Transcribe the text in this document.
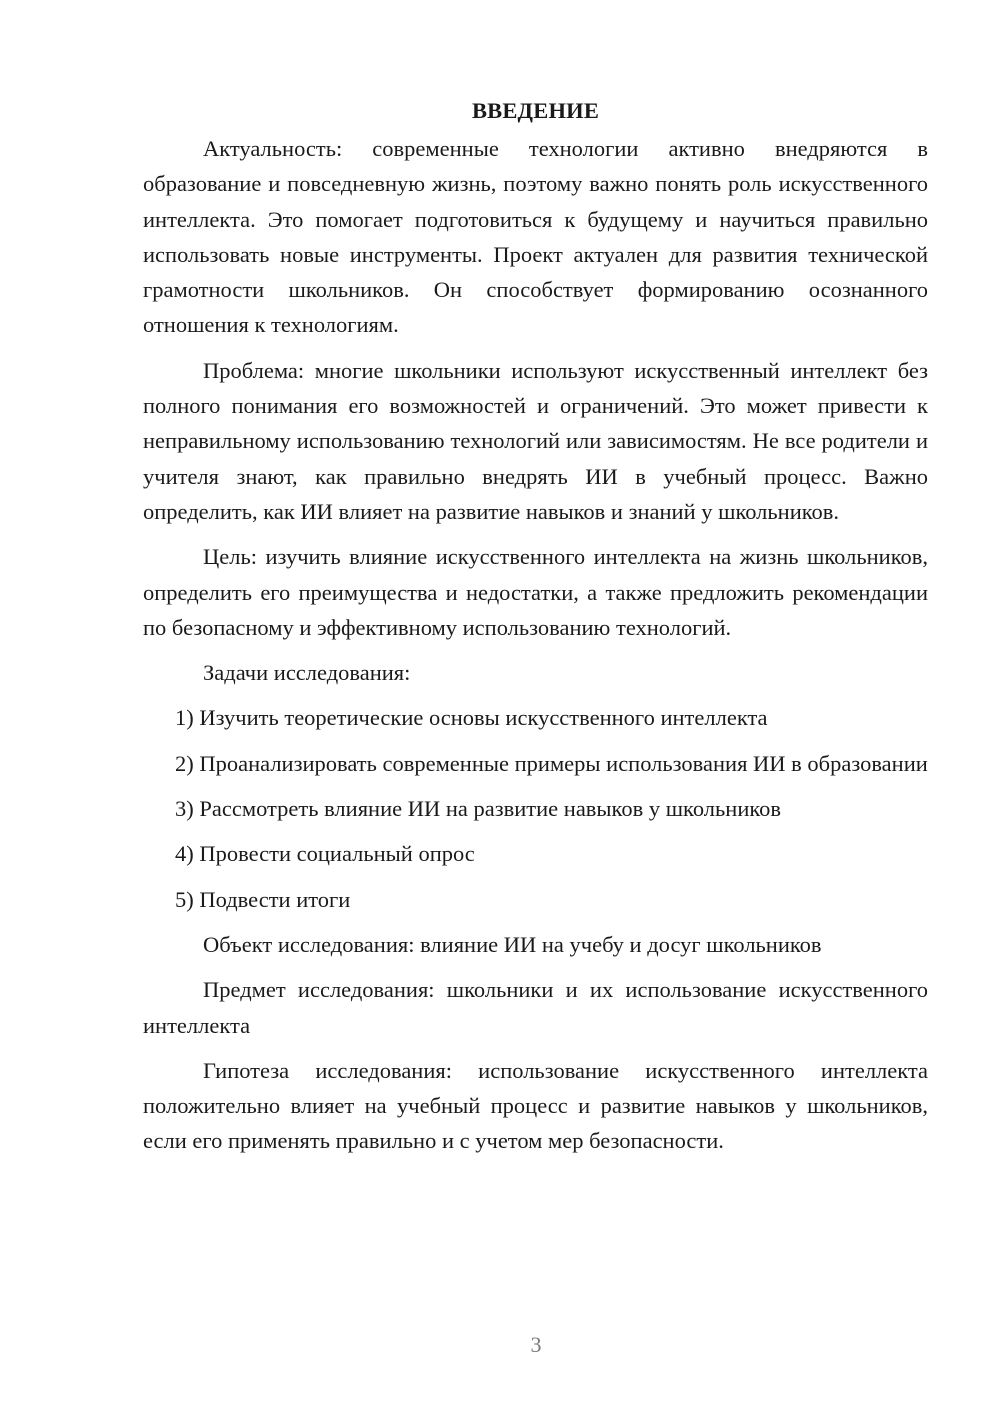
ВВЕДЕНИЕ

Актуальность: современные технологии активно внедряются в образование и повседневную жизнь, поэтому важно понять роль искусственного интеллекта. Это помогает подготовиться к будущему и научиться правильно использовать новые инструменты. Проект актуален для развития технической грамотности школьников. Он способствует формированию осознанного отношения к технологиям.

Проблема: многие школьники используют искусственный интеллект без полного понимания его возможностей и ограничений. Это может привести к неправильному использованию технологий или зависимостям. Не все родители и учителя знают, как правильно внедрять ИИ в учебный процесс. Важно определить, как ИИ влияет на развитие навыков и знаний у школьников.

Цель: изучить влияние искусственного интеллекта на жизнь школьников, определить его преимущества и недостатки, а также предложить рекомендации по безопасному и эффективному использованию технологий.

Задачи исследования:

1) Изучить теоретические основы искусственного интеллекта

2) Проанализировать современные примеры использования ИИ в образовании

3) Рассмотреть влияние ИИ на развитие навыков у школьников

4) Провести социальный опрос

5) Подвести итоги

Объект исследования: влияние ИИ на учебу и досуг школьников

Предмет исследования: школьники и их использование искусственного интеллекта

Гипотеза исследования: использование искусственного интеллекта положительно влияет на учебный процесс и развитие навыков у школьников, если его применять правильно и с учетом мер безопасности.

3
